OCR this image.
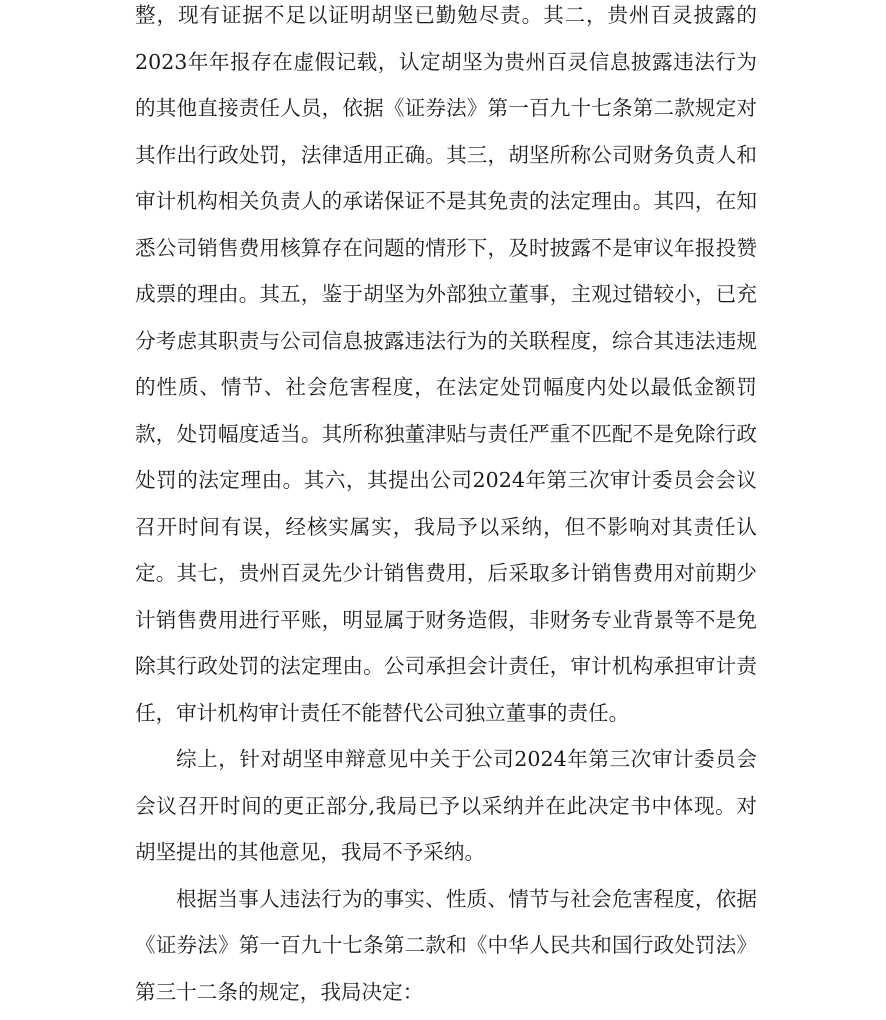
整，现有证据不足以证明胡坚已勤勉尽责。其二，贵州百灵披露的2023年年报存在虚假记载，认定胡坚为贵州百灵信息披露违法行为的其他直接责任人员，依据《证券法》第一百九十七条第二款规定对其作出行政处罚，法律适用正确。其三，胡坚所称公司财务负责人和审计机构相关负责人的承诺保证不是其免责的法定理由。其四，在知悉公司销售费用核算存在问题的情形下，及时披露不是审议年报投赞成票的理由。其五，鉴于胡坚为外部独立董事，主观过错较小，已充分考虑其职责与公司信息披露违法行为的关联程度，综合其违法违规的性质、情节、社会危害程度，在法定处罚幅度内处以最低金额罚款，处罚幅度适当。其所称独董津贴与责任严重不匹配不是免除行政处罚的法定理由。其六，其提出公司2024年第三次审计委员会会议召开时间有误，经核实属实，我局予以采纳，但不影响对其责任认定。其七，贵州百灵先少计销售费用，后采取多计销售费用对前期少计销售费用进行平账，明显属于财务造假，非财务专业背景等不是免除其行政处罚的法定理由。公司承担会计责任，审计机构承担审计责任，审计机构审计责任不能替代公司独立董事的责任。

综上，针对胡坚申辩意见中关于公司2024年第三次审计委员会会议召开时间的更正部分,我局已予以采纳并在此决定书中体现。对胡坚提出的其他意见，我局不予采纳。

根据当事人违法行为的事实、性质、情节与社会危害程度，依据《证券法》第一百九十七条第二款和《中华人民共和国行政处罚法》第三十二条的规定，我局决定：
